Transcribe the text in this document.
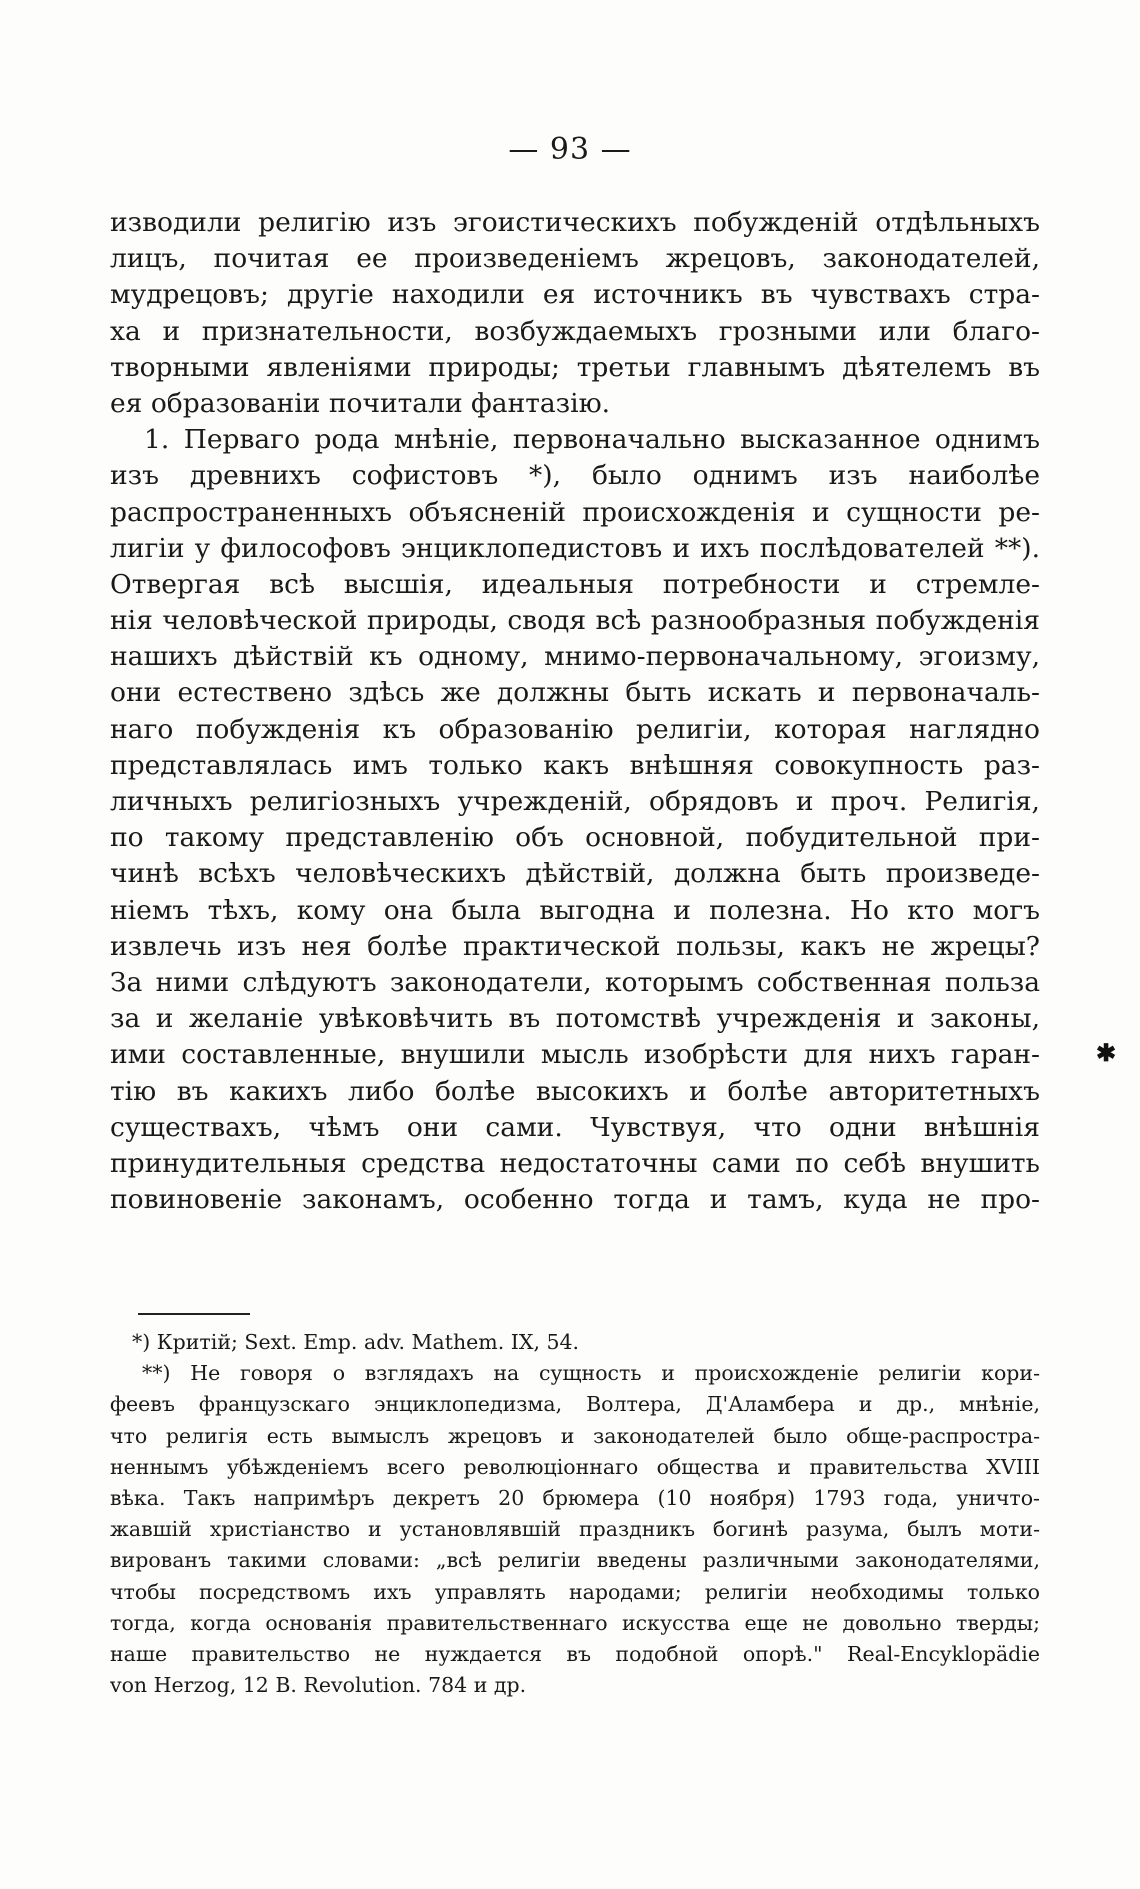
— 93 —
изводили религію изъ эгоистическихъ побужденій отдѣльныхъ
лицъ, почитая ее произведеніемъ жрецовъ, законодателей,
мудрецовъ; другіе находили ея источникъ въ чувствахъ стра-
ха и признательности, возбуждаемыхъ грозными или благо-
творными явленіями природы; третьи главнымъ дѣятелемъ въ
ея образованіи почитали фантазію.
1. Перваго рода мнѣніе, первоначально высказанное однимъ
изъ древнихъ софистовъ *), было однимъ изъ наиболѣе
распространенныхъ объясненій происхожденія и сущности ре-
лигіи у философовъ энциклопедистовъ и ихъ послѣдователей **).
Отвергая всѣ высшія, идеальныя потребности и стремле-
нія человѣческой природы, сводя всѣ разнообразныя побужденія
нашихъ дѣйствій къ одному, мнимо-первоначальному, эгоизму,
они естествено здѣсь же должны быть искать и первоначаль-
наго побужденія къ образованію религіи, которая наглядно
представлялась имъ только какъ внѣшняя совокупность раз-
личныхъ религіозныхъ учрежденій, обрядовъ и проч. Религія,
по такому представленію объ основной, побудительной при-
чинѣ всѣхъ человѣческихъ дѣйствій, должна быть произведе-
ніемъ тѣхъ, кому она была выгодна и полезна. Но кто могъ
извлечь изъ нея болѣе практической пользы, какъ не жрецы?
За ними слѣдуютъ законодатели, которымъ собственная польза
за и желаніе увѣковѣчить въ потомствѣ учрежденія и законы,
ими составленные, внушили мысль изобрѣсти для нихъ гаран-
тію въ какихъ либо болѣе высокихъ и болѣе авторитетныхъ
существахъ, чѣмъ они сами. Чувствуя, что одни внѣшнія
принудительныя средства недостаточны сами по себѣ внушить
повиновеніе законамъ, особенно тогда и тамъ, куда не про-
✱
*) Критій; Sext. Emp. adv. Mathem. IX, 54.
**) Не говоря о взглядахъ на сущность и происхожденіе религіи кори-
феевъ французскаго энциклопедизма, Волтера, Д'Аламбера и др., мнѣніе,
что религія есть вымыслъ жрецовъ и законодателей было обще-распростра-
неннымъ убѣжденіемъ всего революціоннаго общества и правительства XVIII
вѣка. Такъ напримѣръ декретъ 20 брюмера (10 ноября) 1793 года, уничто-
жавшій христіанство и установлявшій праздникъ богинѣ разума, былъ моти-
вированъ такими словами: „всѣ религіи введены различными законодателями,
чтобы посредствомъ ихъ управлять народами; религіи необходимы только
тогда, когда основанія правительственнаго искусства еще не довольно тверды;
наше правительство не нуждается въ подобной опорѣ." Real-Encyklopädie
von Herzog, 12 B. Revolution. 784 и др.
